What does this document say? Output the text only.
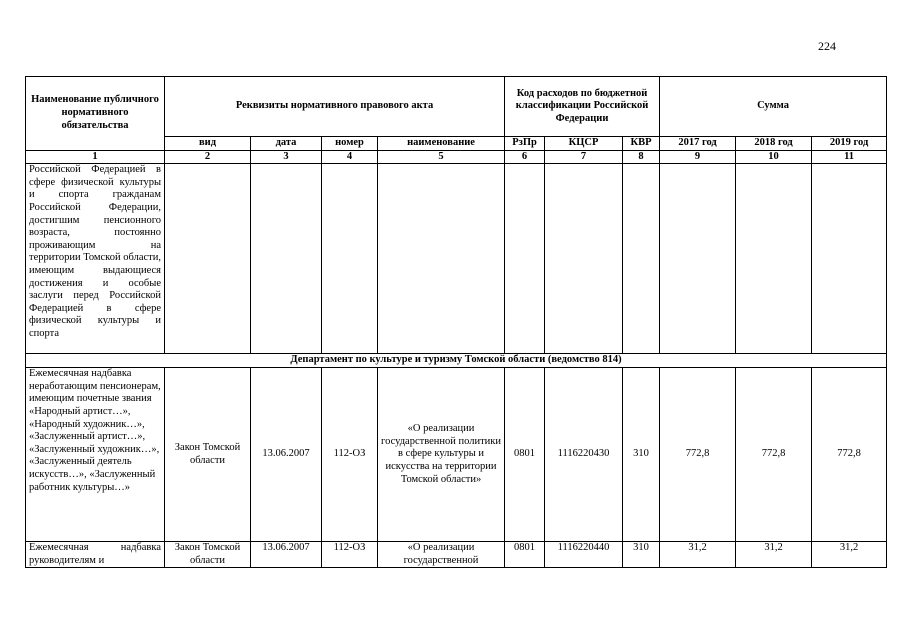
224
Наименование публичного нормативного обязательства	Реквизиты нормативного правового акта				Код расходов по бюджетной классификации Российской Федерации			Сумма		
	вид	дата	номер	наименование	РзПр	КЦСР	КВР	2017 год	2018 год	2019 год
1	2	3	4	5	6	7	8	9	10	11
Российской Федерацией в сфере физической культуры и спорта гражданам Российской Федерации, достигшим пенсионного возраста, постоянно проживающим на территории Томской области, имеющим выдающиеся достижения и особые заслуги перед Российской Федерацией в сфере физической культуры и спорта										
Департамент по культуре и туризму Томской области (ведомство 814)										
Ежемесячная надбавка неработающим пенсионерам, имеющим почетные звания «Народный артист…», «Народный художник…», «Заслуженный артист…», «Заслуженный художник…», «Заслуженный деятель искусств…», «Заслуженный работник культуры…»	Закон Томской области	13.06.2007	112-ОЗ	«О реализации государственной политики в сфере культуры и искусства на территории Томской области»	0801	1116220430	310	772,8	772,8	772,8
Ежемесячная надбавка руководителям и	Закон Томской области	13.06.2007	112-ОЗ	«О реализации государственной	0801	1116220440	310	31,2	31,2	31,2
